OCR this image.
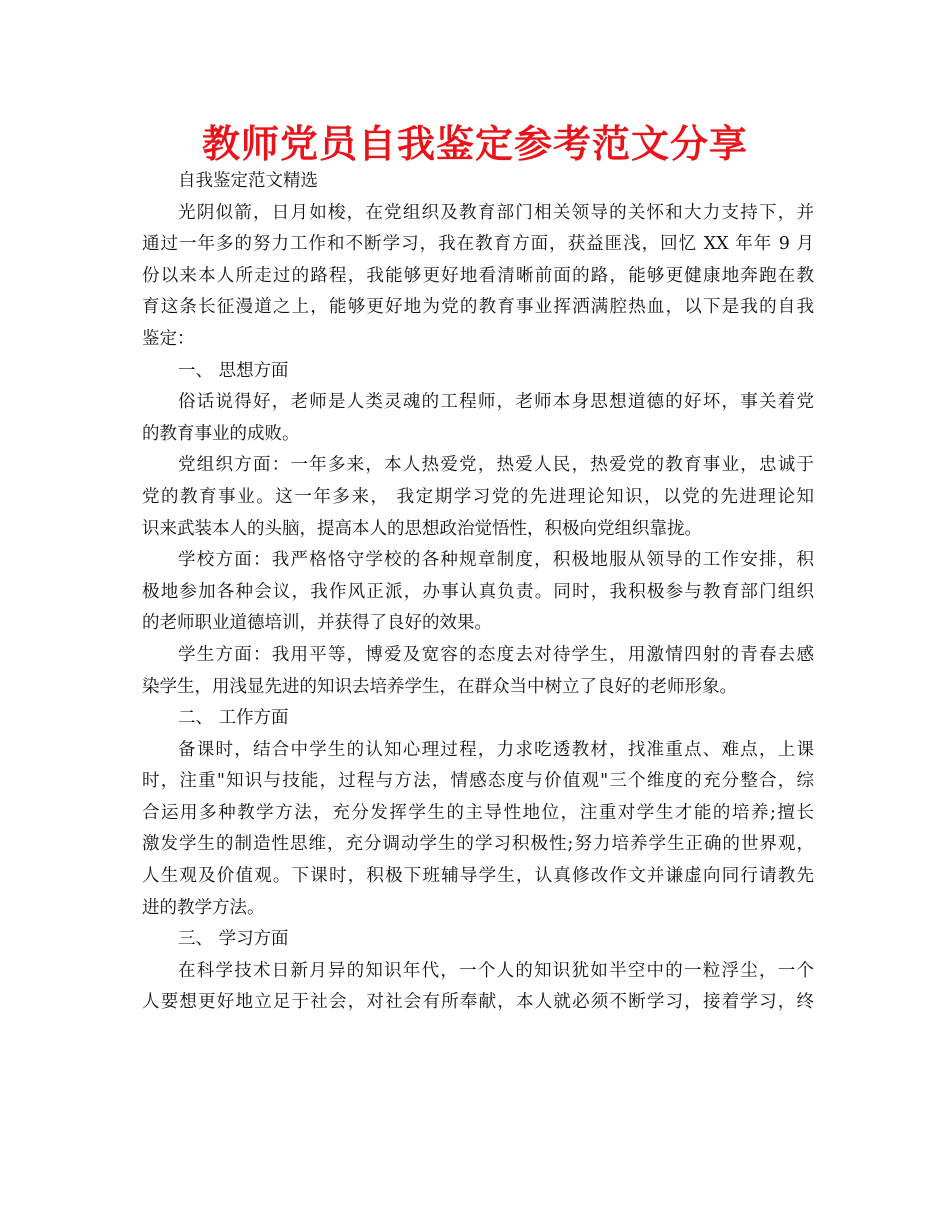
教师党员自我鉴定参考范文分享
自我鉴定范文精选
光阴似箭，日月如梭，在党组织及教育部门相关领导的关怀和大力支持下，并
通过一年多的努力工作和不断学习，我在教育方面，获益匪浅，回忆 XX 年年 9 月
份以来本人所走过的路程，我能够更好地看清晰前面的路，能够更健康地奔跑在教
育这条长征漫道之上，能够更好地为党的教育事业挥洒满腔热血，以下是我的自我
鉴定：
一、 思想方面
俗话说得好，老师是人类灵魂的工程师，老师本身思想道德的好坏，事关着党
的教育事业的成败。
党组织方面：一年多来，本人热爱党，热爱人民，热爱党的教育事业，忠诚于
党的教育事业。这一年多来， 我定期学习党的先进理论知识，以党的先进理论知
识来武装本人的头脑，提高本人的思想政治觉悟性，积极向党组织靠拢。
学校方面：我严格恪守学校的各种规章制度，积极地服从领导的工作安排，积
极地参加各种会议，我作风正派，办事认真负责。同时，我积极参与教育部门组织
的老师职业道德培训，并获得了良好的效果。
学生方面：我用平等，博爱及宽容的态度去对待学生，用激情四射的青春去感
染学生，用浅显先进的知识去培养学生，在群众当中树立了良好的老师形象。
二、 工作方面
备课时，结合中学生的认知心理过程，力求吃透教材，找准重点、难点，上课
时，注重"知识与技能，过程与方法，情感态度与价值观"三个维度的充分整合，综
合运用多种教学方法，充分发挥学生的主导性地位，注重对学生才能的培养;擅长
激发学生的制造性思维，充分调动学生的学习积极性;努力培养学生正确的世界观，
人生观及价值观。下课时，积极下班辅导学生，认真修改作文并谦虚向同行请教先
进的教学方法。
三、 学习方面
在科学技术日新月异的知识年代，一个人的知识犹如半空中的一粒浮尘，一个
人要想更好地立足于社会，对社会有所奉献，本人就必须不断学习，接着学习，终
